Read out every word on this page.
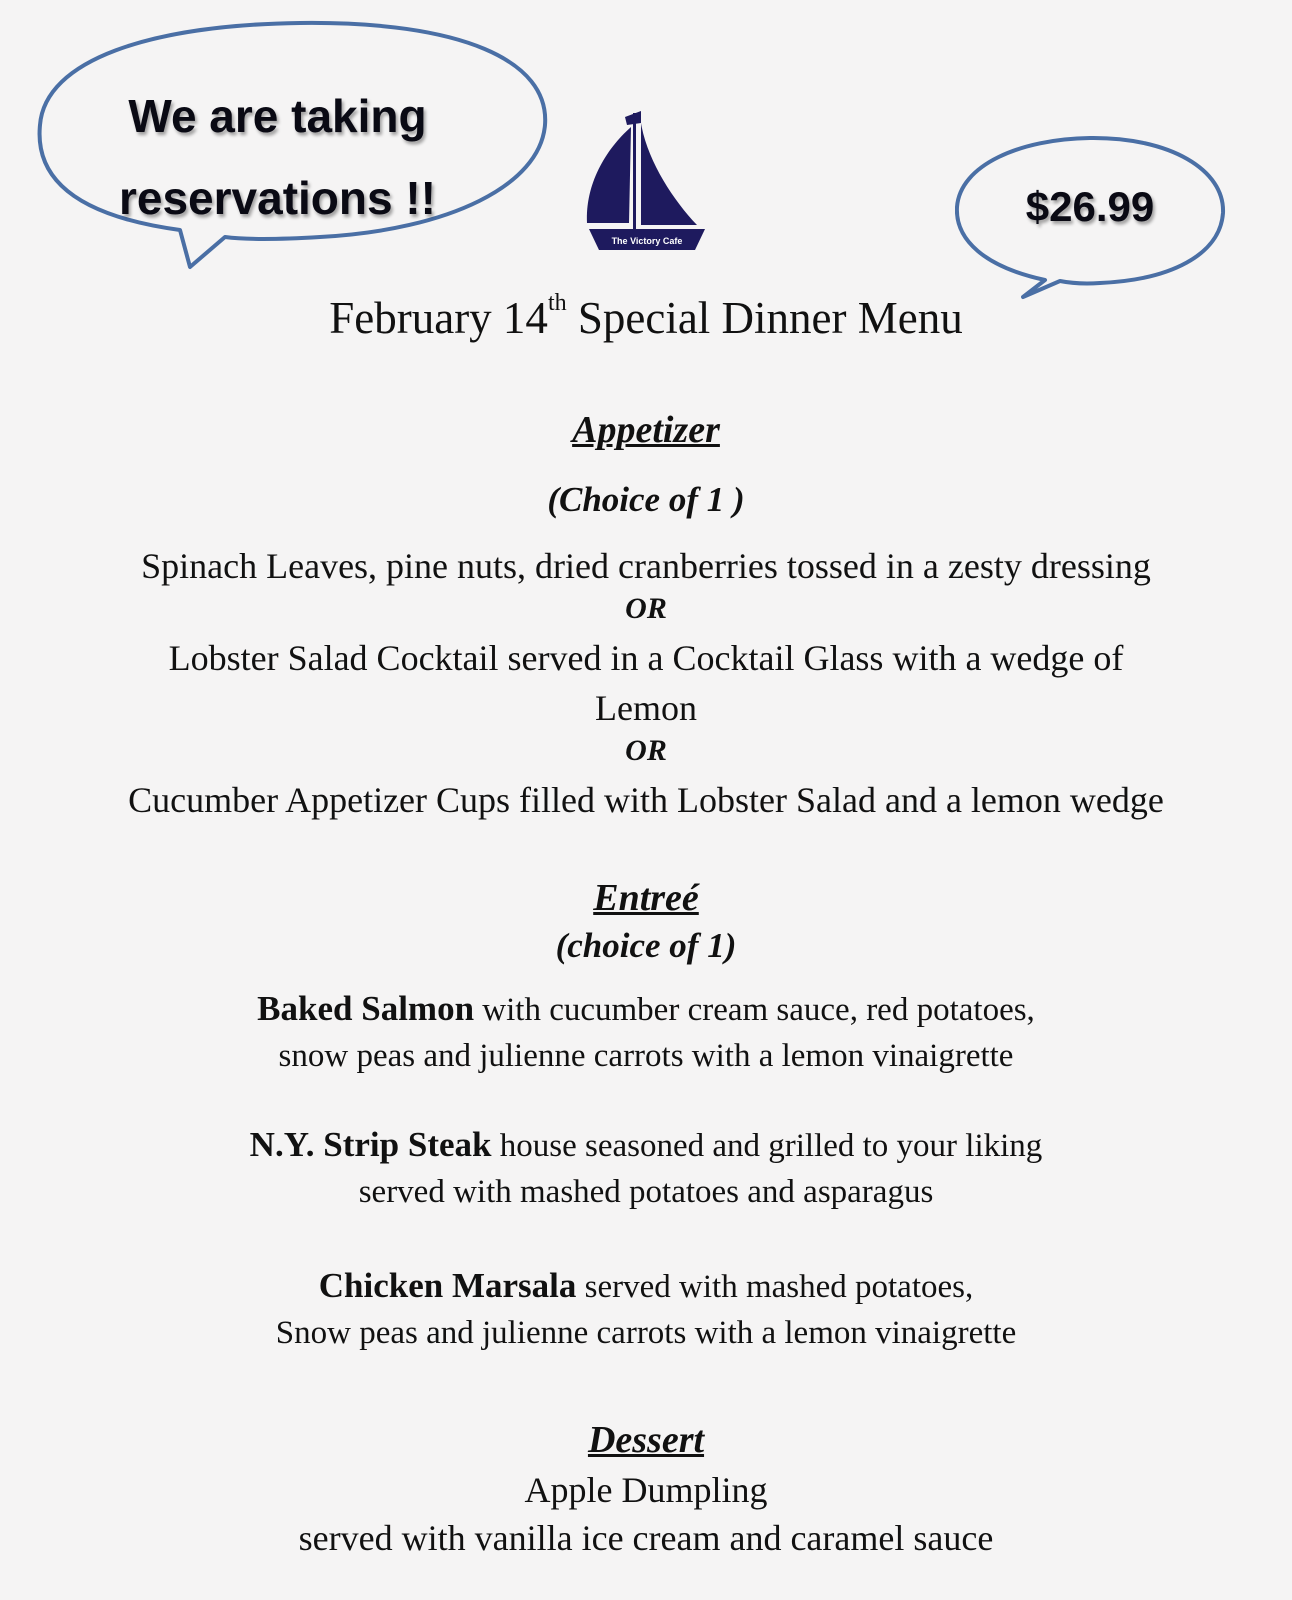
We are taking
reservations !!
The Victory Cafe
$26.99
February 14th Special Dinner Menu
Appetizer
(Choice of 1 )
Spinach Leaves, pine nuts, dried cranberries tossed in a zesty dressing
OR
Lobster Salad Cocktail served in a Cocktail Glass with a wedge of
Lemon
OR
Cucumber Appetizer Cups filled with Lobster Salad and a lemon wedge
Entreé
(choice of 1)
Baked Salmon with cucumber cream sauce, red potatoes,
snow peas and julienne carrots with a lemon vinaigrette
N.Y. Strip Steak house seasoned and grilled to your liking
served with mashed potatoes and asparagus
Chicken Marsala served with mashed potatoes,
Snow peas and julienne carrots with a lemon vinaigrette
Dessert
Apple Dumpling
served with vanilla ice cream and caramel sauce
